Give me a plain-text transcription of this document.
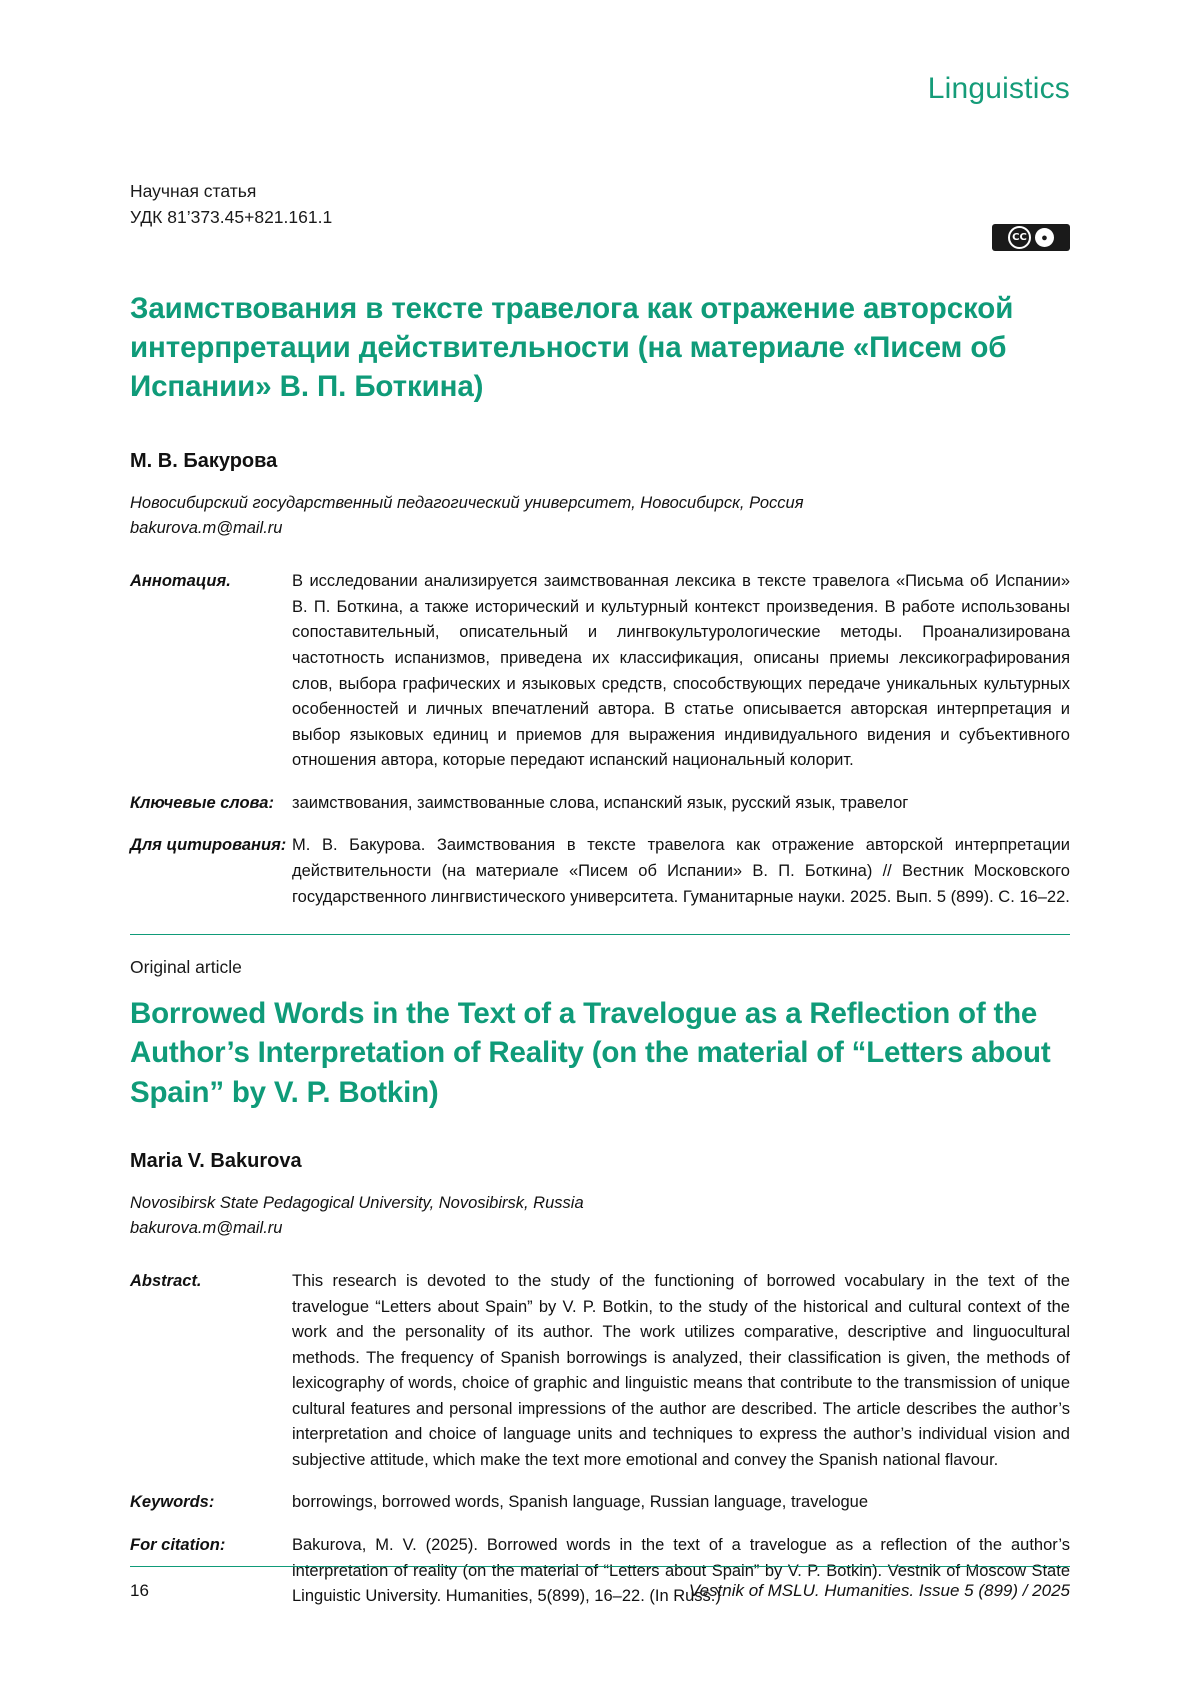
Linguistics
Научная статья
УДК 81’373.45+821.161.1
CC	●
BY
Заимствования в тексте травелога как отражение авторской интерпретации действительности (на материале «Писем об Испании» В. П. Боткина)
М. В. Бакурова
Новосибирский государственный педагогический университет, Новосибирск, Россия
bakurova.m@mail.ru
Аннотация.	В исследовании анализируется заимствованная лексика в тексте травелога «Письма об Испании» В. П. Боткина, а также исторический и культурный контекст произведения. В работе использованы сопоставительный, описательный и лингвокультурологические методы. Проанализирована частотность испанизмов, приведена их классификация, описаны приемы лексикографирования слов, выбора графических и языковых средств, способствующих передаче уникальных культурных особенностей и личных впечатлений автора. В статье описывается авторская интерпретация и выбор языковых единиц и приемов для выражения индивидуального видения и субъективного отношения автора, которые передают испанский национальный колорит.
Ключевые слова:	заимствования, заимствованные слова, испанский язык, русский язык, травелог
Для цитирования: М. В. Бакурова. Заимствования в тексте травелога как отражение авторской интерпретации действительности (на материале «Писем об Испании» В. П. Боткина) // Вестник Московского государственного лингвистического университета. Гуманитарные науки. 2025. Вып. 5 (899). С. 16–22.
Original article
Borrowed Words in the Text of a Travelogue as a Reflection of the Author’s Interpretation of Reality (on the material of “Letters about Spain” by V. P. Botkin)
Maria V. Bakurova
Novosibirsk State Pedagogical University, Novosibirsk, Russia
bakurova.m@mail.ru
Abstract.	This research is devoted to the study of the functioning of borrowed vocabulary in the text of the travelogue “Letters about Spain” by V. P. Botkin, to the study of the historical and cultural context of the work and the personality of its author. The work utilizes comparative, descriptive and linguocultural methods. The frequency of Spanish borrowings is analyzed, their classification is given, the methods of lexicography of words, choice of graphic and linguistic means that contribute to the transmission of unique cultural features and personal impressions of the author are described. The article describes the author’s interpretation and choice of language units and techniques to express the author’s individual vision and subjective attitude, which make the text more emotional and convey the Spanish national flavour.
Keywords:	borrowings, borrowed words, Spanish language, Russian language, travelogue
For citation:	Bakurova, M. V. (2025). Borrowed words in the text of a travelogue as a reflection of the author’s interpretation of reality (on the material of “Letters about Spain” by V. P. Botkin). Vestnik of Moscow State Linguistic University. Humanities, 5(899), 16–22. (In Russ.)
16	Vestnik of MSLU. Humanities. Issue 5 (899) / 2025
